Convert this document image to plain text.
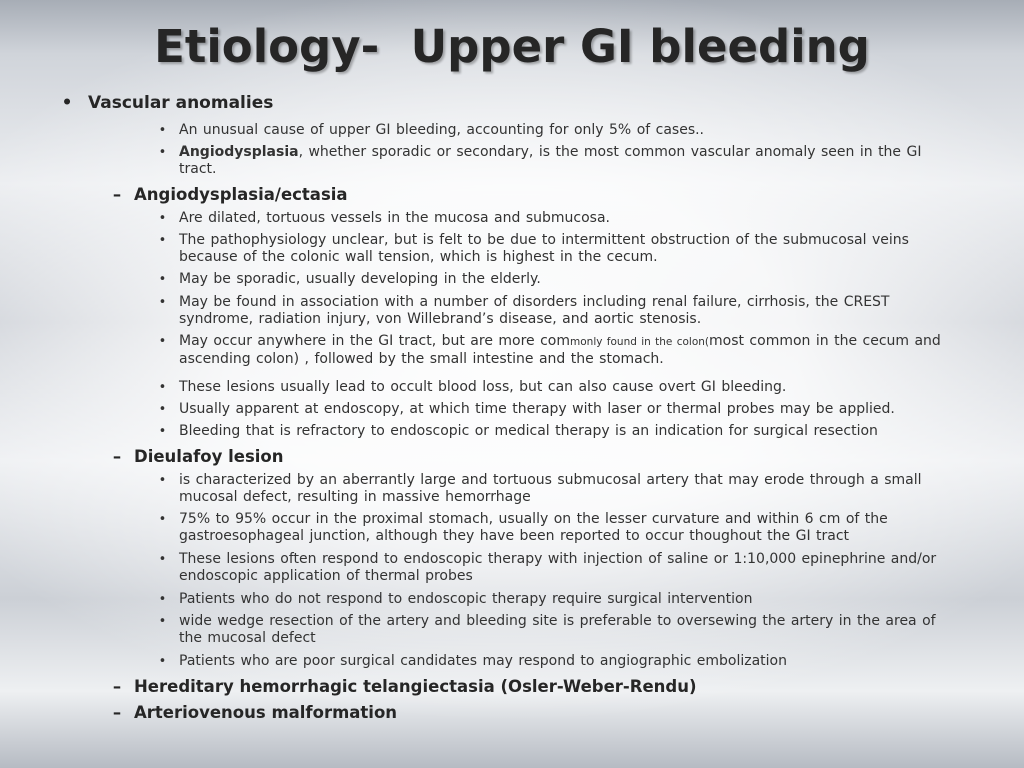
Etiology-  Upper GI bleeding
• Vascular anomalies
• An unusual cause of upper GI bleeding, accounting for only 5% of cases..
• Angiodysplasia, whether sporadic or secondary, is the most common vascular anomaly seen in the GI tract.
– Angiodysplasia/ectasia
• Are dilated, tortuous vessels in the mucosa and submucosa.
• The pathophysiology unclear, but is felt to be due to intermittent obstruction of the submucosal veins because of the colonic wall tension, which is highest in the cecum.
• May be sporadic, usually developing in the elderly.
• May be found in association with a number of disorders including renal failure, cirrhosis, the CREST syndrome, radiation injury, von Willebrand’s disease, and aortic stenosis.
• May occur anywhere in the GI tract, but are more commonly found in the colon(most common in the cecum and ascending colon) , followed by the small intestine and the stomach.
• These lesions usually lead to occult blood loss, but can also cause overt GI bleeding.
• Usually apparent at endoscopy, at which time therapy with laser or thermal probes may be applied.
• Bleeding that is refractory to endoscopic or medical therapy is an indication for surgical resection
– Dieulafoy lesion
• is characterized by an aberrantly large and tortuous submucosal artery that may erode through a small mucosal defect, resulting in massive hemorrhage
• 75% to 95% occur in the proximal stomach, usually on the lesser curvature and within 6 cm of the gastroesophageal junction, although they have been reported to occur thoughout the GI tract
• These lesions often respond to endoscopic therapy with injection of saline or 1:10,000 epinephrine and/or endoscopic application of thermal probes
• Patients who do not respond to endoscopic therapy require surgical intervention
• wide wedge resection of the artery and bleeding site is preferable to oversewing the artery in the area of the mucosal defect
• Patients who are poor surgical candidates may respond to angiographic embolization
– Hereditary hemorrhagic telangiectasia (Osler-Weber-Rendu)
– Arteriovenous malformation
